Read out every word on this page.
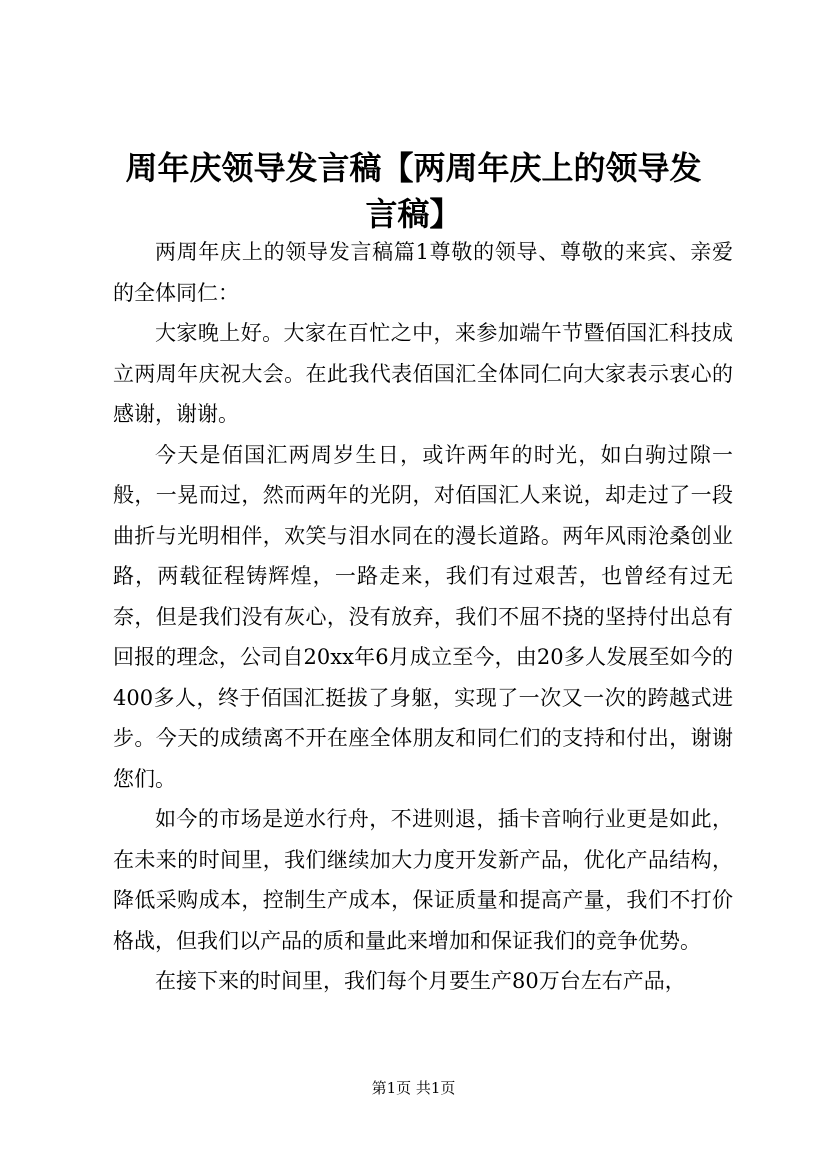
周年庆领导发言稿【两周年庆上的领导发言稿】

两周年庆上的领导发言稿篇1尊敬的领导、尊敬的来宾、亲爱的全体同仁：

大家晚上好。大家在百忙之中，来参加端午节暨佰国汇科技成立两周年庆祝大会。在此我代表佰国汇全体同仁向大家表示衷心的感谢，谢谢。

今天是佰国汇两周岁生日，或许两年的时光，如白驹过隙一般，一晃而过，然而两年的光阴，对佰国汇人来说，却走过了一段曲折与光明相伴，欢笑与泪水同在的漫长道路。两年风雨沧桑创业路，两载征程铸辉煌，一路走来，我们有过艰苦，也曾经有过无奈，但是我们没有灰心，没有放弃，我们不屈不挠的坚持付出总有回报的理念，公司自20xx年6月成立至今，由20多人发展至如今的400多人，终于佰国汇挺拔了身躯，实现了一次又一次的跨越式进步。今天的成绩离不开在座全体朋友和同仁们的支持和付出，谢谢您们。

如今的市场是逆水行舟，不进则退，插卡音响行业更是如此，在未来的时间里，我们继续加大力度开发新产品，优化产品结构，降低采购成本，控制生产成本，保证质量和提高产量，我们不打价格战，但我们以产品的质和量此来增加和保证我们的竞争优势。

在接下来的时间里，我们每个月要生产80万台左右产品，

第1页 共1页
